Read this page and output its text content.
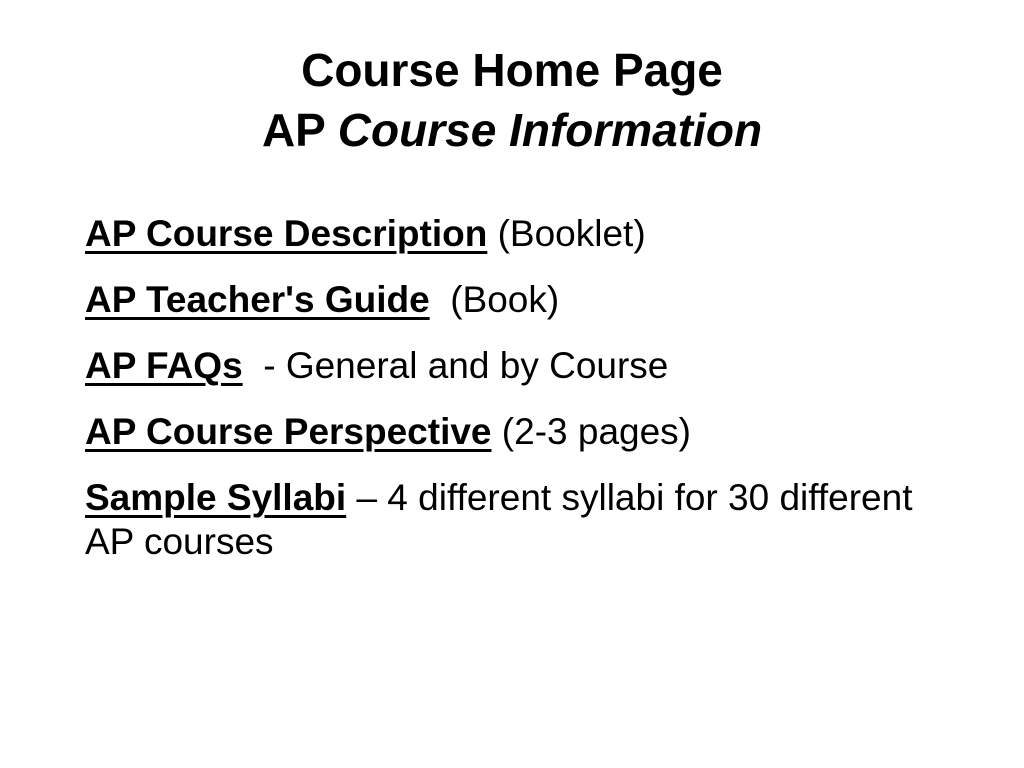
Course Home Page
AP Course Information
AP Course Description (Booklet)
AP Teacher's Guide  (Book)
AP FAQs  - General and by Course
AP Course Perspective (2-3 pages)
Sample Syllabi – 4 different syllabi for 30 different AP courses
